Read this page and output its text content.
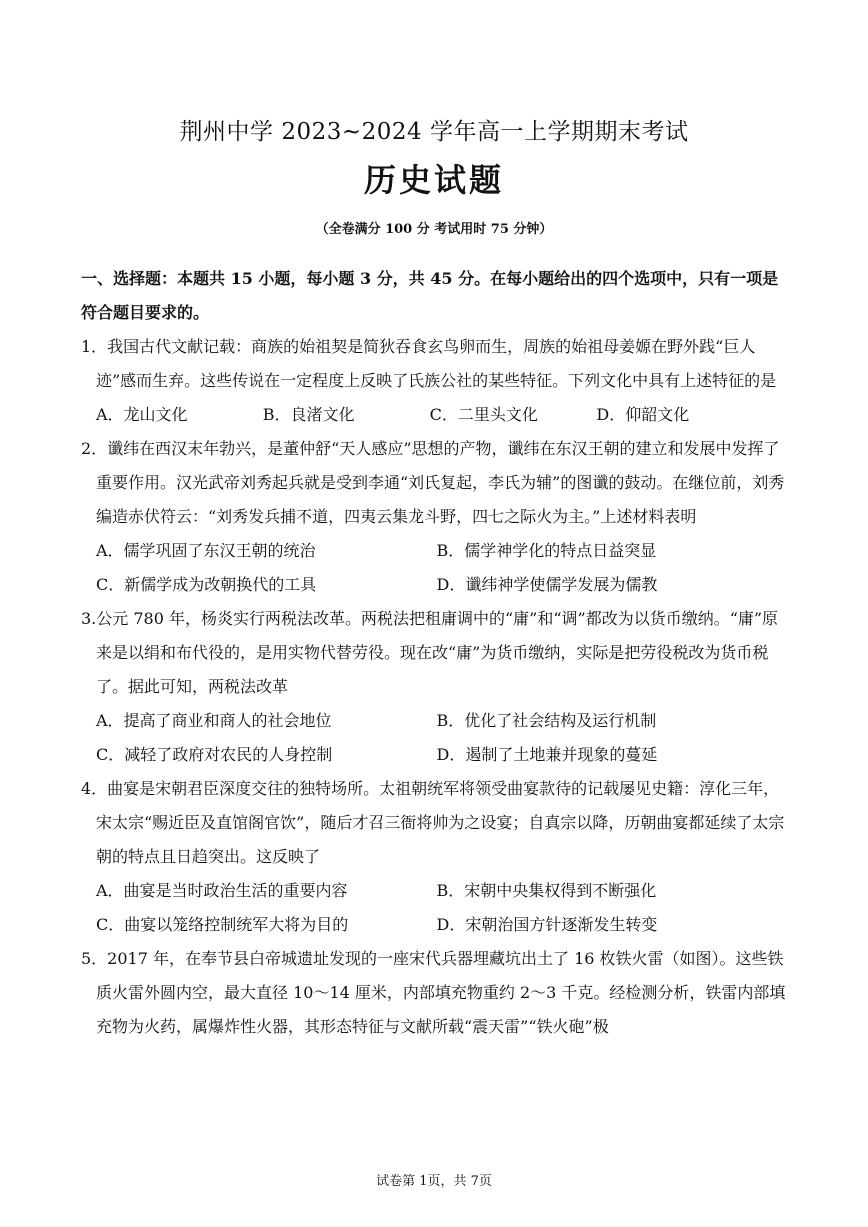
荆州中学 2023~2024 学年高一上学期期末考试
历史试题
（全卷满分 100 分 考试用时 75 分钟）

一、选择题：本题共 15 小题，每小题 3 分，共 45 分。在每小题给出的四个选项中，只有一项是符合题目要求的。

1．我国古代文献记载：商族的始祖契是简狄吞食玄鸟卵而生，周族的始祖母姜嫄在野外践“巨人迹”感而生弃。这些传说在一定程度上反映了氏族公社的某些特征。下列文化中具有上述特征的是

A．龙山文化	B．良渚文化	C．二里头文化	D．仰韶文化

2．谶纬在西汉末年勃兴，是董仲舒“天人感应”思想的产物，谶纬在东汉王朝的建立和发展中发挥了重要作用。汉光武帝刘秀起兵就是受到李通“刘氏复起，李氏为辅”的图谶的鼓动。在继位前，刘秀编造赤伏符云：“刘秀发兵捕不道，四夷云集龙斗野，四七之际火为主。”上述材料表明

A．儒学巩固了东汉王朝的统治	B．儒学神学化的特点日益突显 C．新儒学成为改朝换代的工具	D．谶纬神学使儒学发展为儒教

3.公元 780 年，杨炎实行两税法改革。两税法把租庸调中的“庸”和“调”都改为以货币缴纳。“庸”原来是以绢和布代役的，是用实物代替劳役。现在改“庸”为货币缴纳，实际是把劳役税改为货币税了。据此可知，两税法改革

A．提高了商业和商人的社会地位	B．优化了社会结构及运行机制 C．减轻了政府对农民的人身控制	D．遏制了土地兼并现象的蔓延

4．曲宴是宋朝君臣深度交往的独特场所。太祖朝统军将领受曲宴款待的记载屡见史籍：淳化三年，宋太宗“赐近臣及直馆阁官饮”，随后才召三衙将帅为之设宴；自真宗以降，历朝曲宴都延续了太宗朝的特点且日趋突出。这反映了

A．曲宴是当时政治生活的重要内容	B．宋朝中央集权得到不断强化 C．曲宴以笼络控制统军大将为目的	D．宋朝治国方针逐渐发生转变

5．2017 年，在奉节县白帝城遗址发现的一座宋代兵器埋藏坑出土了 16 枚铁火雷（如图）。这些铁质火雷外圆内空，最大直径 10～14 厘米，内部填充物重约 2～3 千克。经检测分析，铁雷内部填充物为火药，属爆炸性火器，其形态特征与文献所载“震天雷”“铁火砲”极

试卷第 1页，共 7页
